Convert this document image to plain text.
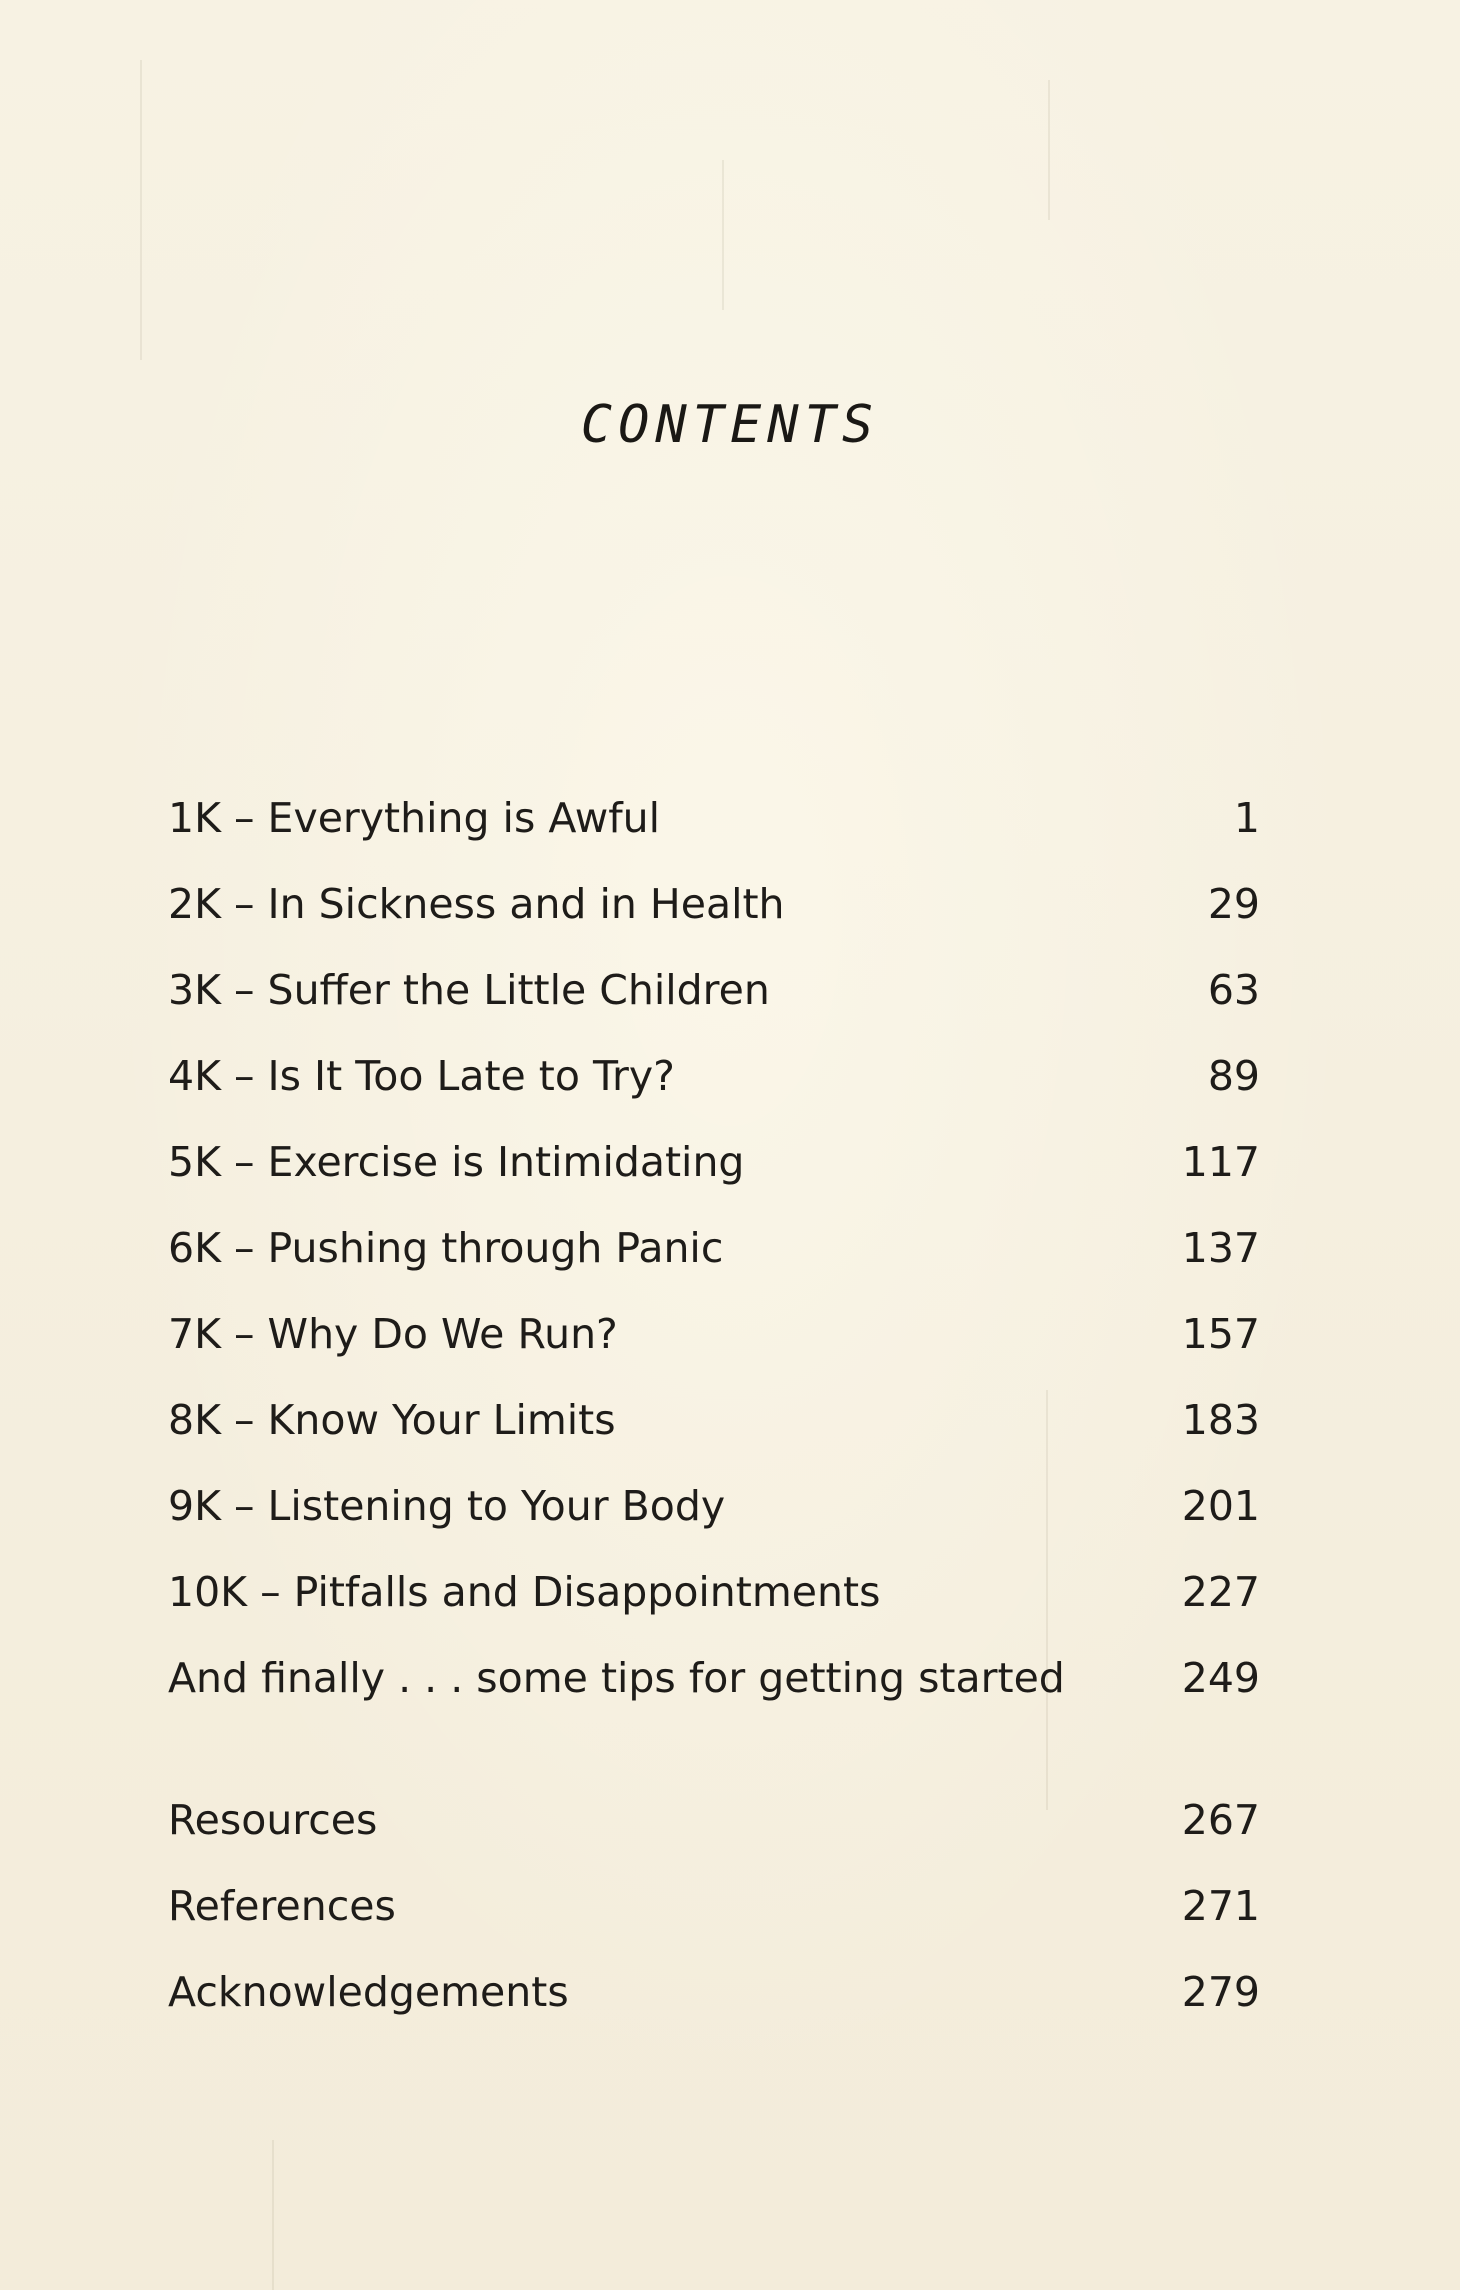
CONTENTS
1K – Everything is Awful	1
2K – In Sickness and in Health	29
3K – Suffer the Little Children	63
4K – Is It Too Late to Try?	89
5K – Exercise is Intimidating	117
6K – Pushing through Panic	137
7K – Why Do We Run?	157
8K – Know Your Limits	183
9K – Listening to Your Body	201
10K – Pitfalls and Disappointments	227
And finally . . . some tips for getting started	249
Resources	267
References	271
Acknowledgements	279
